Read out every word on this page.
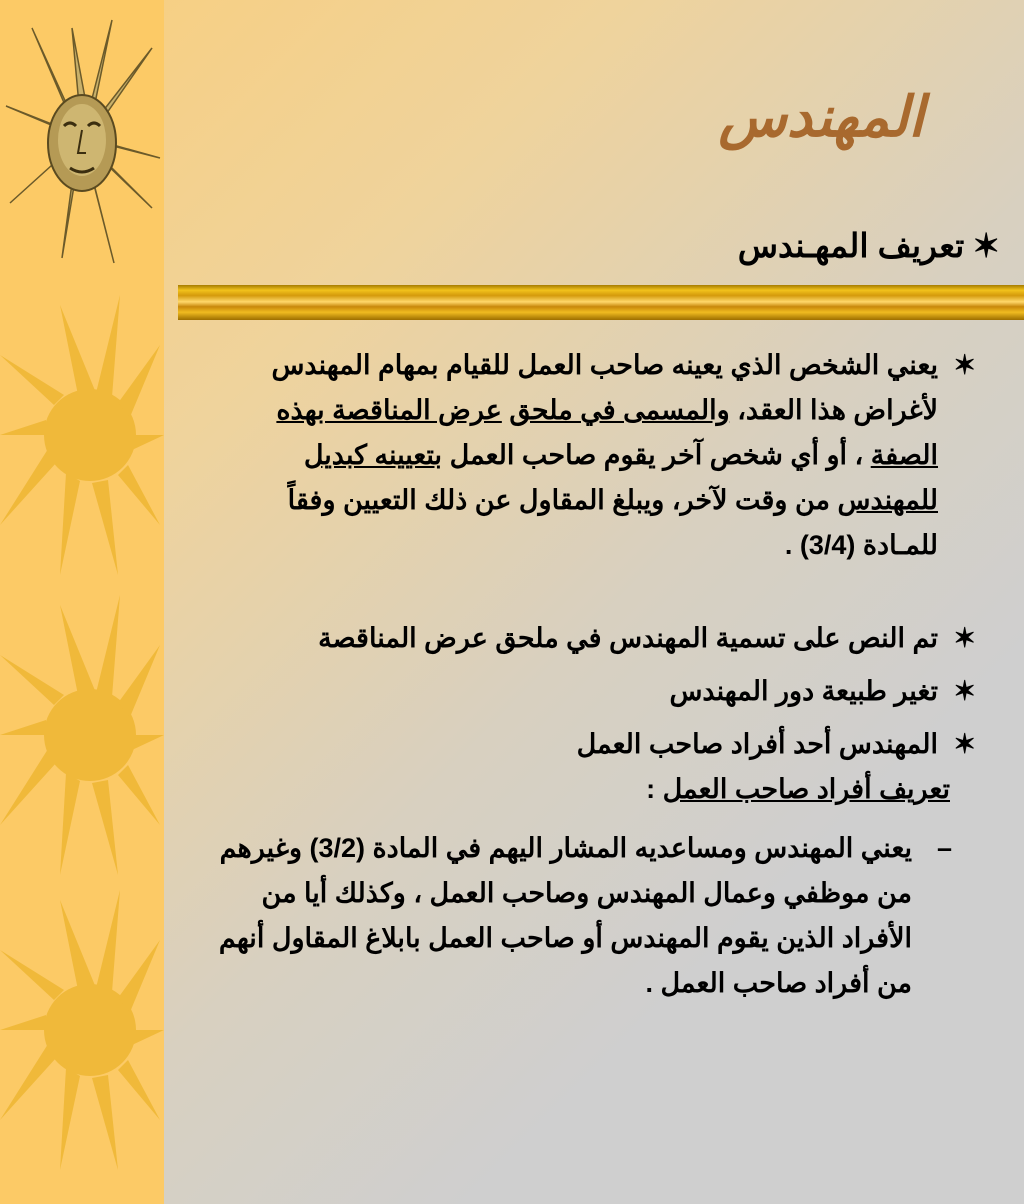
المهندس
✶تعريف المهـندس

✶
يعني الشخص الذي يعينه صاحب العمل للقيام بمهام المهندس لأغراض هذا العقد، والمسمى في ملحق عرض المناقصة بهذه الصفة ، أو أي شخص آخر يقوم صاحب العمل بتعيينه كبديل للمهندس من وقت لآخر، ويبلغ المقاول عن ذلك التعيين وفقاً للمـادة (3/4) .

✶
تم النص على تسمية المهندس في ملحق عرض المناقصة

✶
تغير طبيعة دور المهندس

✶
المهندس أحد أفراد صاحب العمل

تعريف أفراد صاحب العمل :

–
يعني المهندس ومساعديه المشار اليهم في المادة (3/2) وغيرهم من موظفي وعمال المهندس وصاحب العمل ، وكذلك أيا من الأفراد الذين يقوم المهندس أو صاحب العمل بابلاغ المقاول أنهم من أفراد صاحب العمل .
